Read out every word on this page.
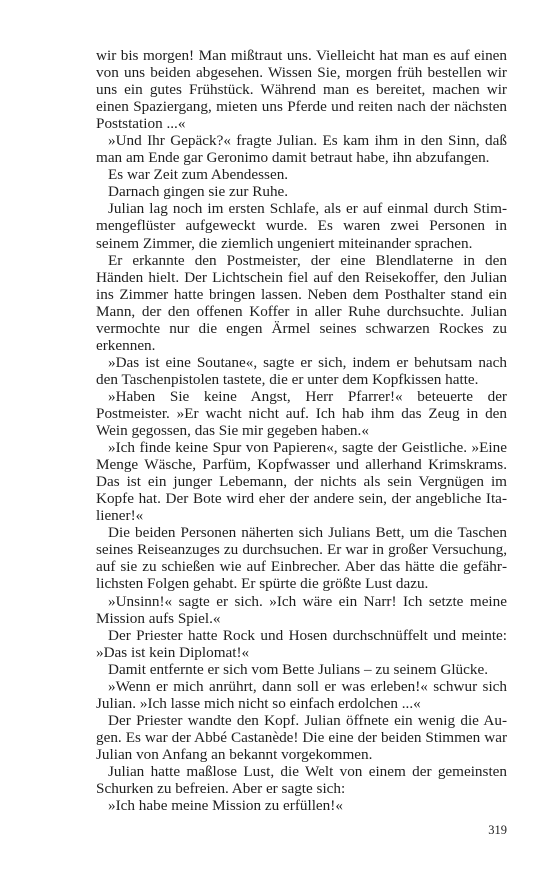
wir bis morgen! Man mißtraut uns. Vielleicht hat man es auf einen von uns beiden abgesehen. Wissen Sie, morgen früh bestellen wir uns ein gutes Frühstück. Während man es bereitet, machen wir einen Spaziergang, mieten uns Pferde und reiten nach der nächsten Poststation ...«

»Und Ihr Gepäck?« fragte Julian. Es kam ihm in den Sinn, daß man am Ende gar Geronimo damit betraut habe, ihn abzufangen.

Es war Zeit zum Abendessen.

Darnach gingen sie zur Ruhe.

Julian lag noch im ersten Schlafe, als er auf einmal durch Stimmengeflüster aufgeweckt wurde. Es waren zwei Personen in seinem Zimmer, die ziemlich ungeniert miteinander sprachen.

Er erkannte den Postmeister, der eine Blendlaterne in den Händen hielt. Der Lichtschein fiel auf den Reisekoffer, den Julian ins Zimmer hatte bringen lassen. Neben dem Posthalter stand ein Mann, der den offenen Koffer in aller Ruhe durchsuchte. Julian vermochte nur die engen Ärmel seines schwarzen Rockes zu erkennen.

»Das ist eine Soutane«, sagte er sich, indem er behutsam nach den Taschenpistolen tastete, die er unter dem Kopfkissen hatte.

»Haben Sie keine Angst, Herr Pfarrer!« beteuerte der Postmeister. »Er wacht nicht auf. Ich hab ihm das Zeug in den Wein gegossen, das Sie mir gegeben haben.«

»Ich finde keine Spur von Papieren«, sagte der Geistliche. »Eine Menge Wäsche, Parfüm, Kopfwasser und allerhand Krimskrams. Das ist ein junger Lebemann, der nichts als sein Vergnügen im Kopfe hat. Der Bote wird eher der andere sein, der angebliche Italiener!«

Die beiden Personen näherten sich Julians Bett, um die Taschen seines Reiseanzuges zu durchsuchen. Er war in großer Versuchung, auf sie zu schießen wie auf Einbrecher. Aber das hätte die gefährlichsten Folgen gehabt. Er spürte die größte Lust dazu.

»Unsinn!« sagte er sich. »Ich wäre ein Narr! Ich setzte meine Mission aufs Spiel.«

Der Priester hatte Rock und Hosen durchschnüffelt und meinte: »Das ist kein Diplomat!«

Damit entfernte er sich vom Bette Julians – zu seinem Glücke.

»Wenn er mich anrührt, dann soll er was erleben!« schwur sich Julian. »Ich lasse mich nicht so einfach erdolchen ...«

Der Priester wandte den Kopf. Julian öffnete ein wenig die Augen. Es war der Abbé Castanède! Die eine der beiden Stimmen war Julian von Anfang an bekannt vorgekommen.

Julian hatte maßlose Lust, die Welt von einem der gemeinsten Schurken zu befreien. Aber er sagte sich:

»Ich habe meine Mission zu erfüllen!«

319
